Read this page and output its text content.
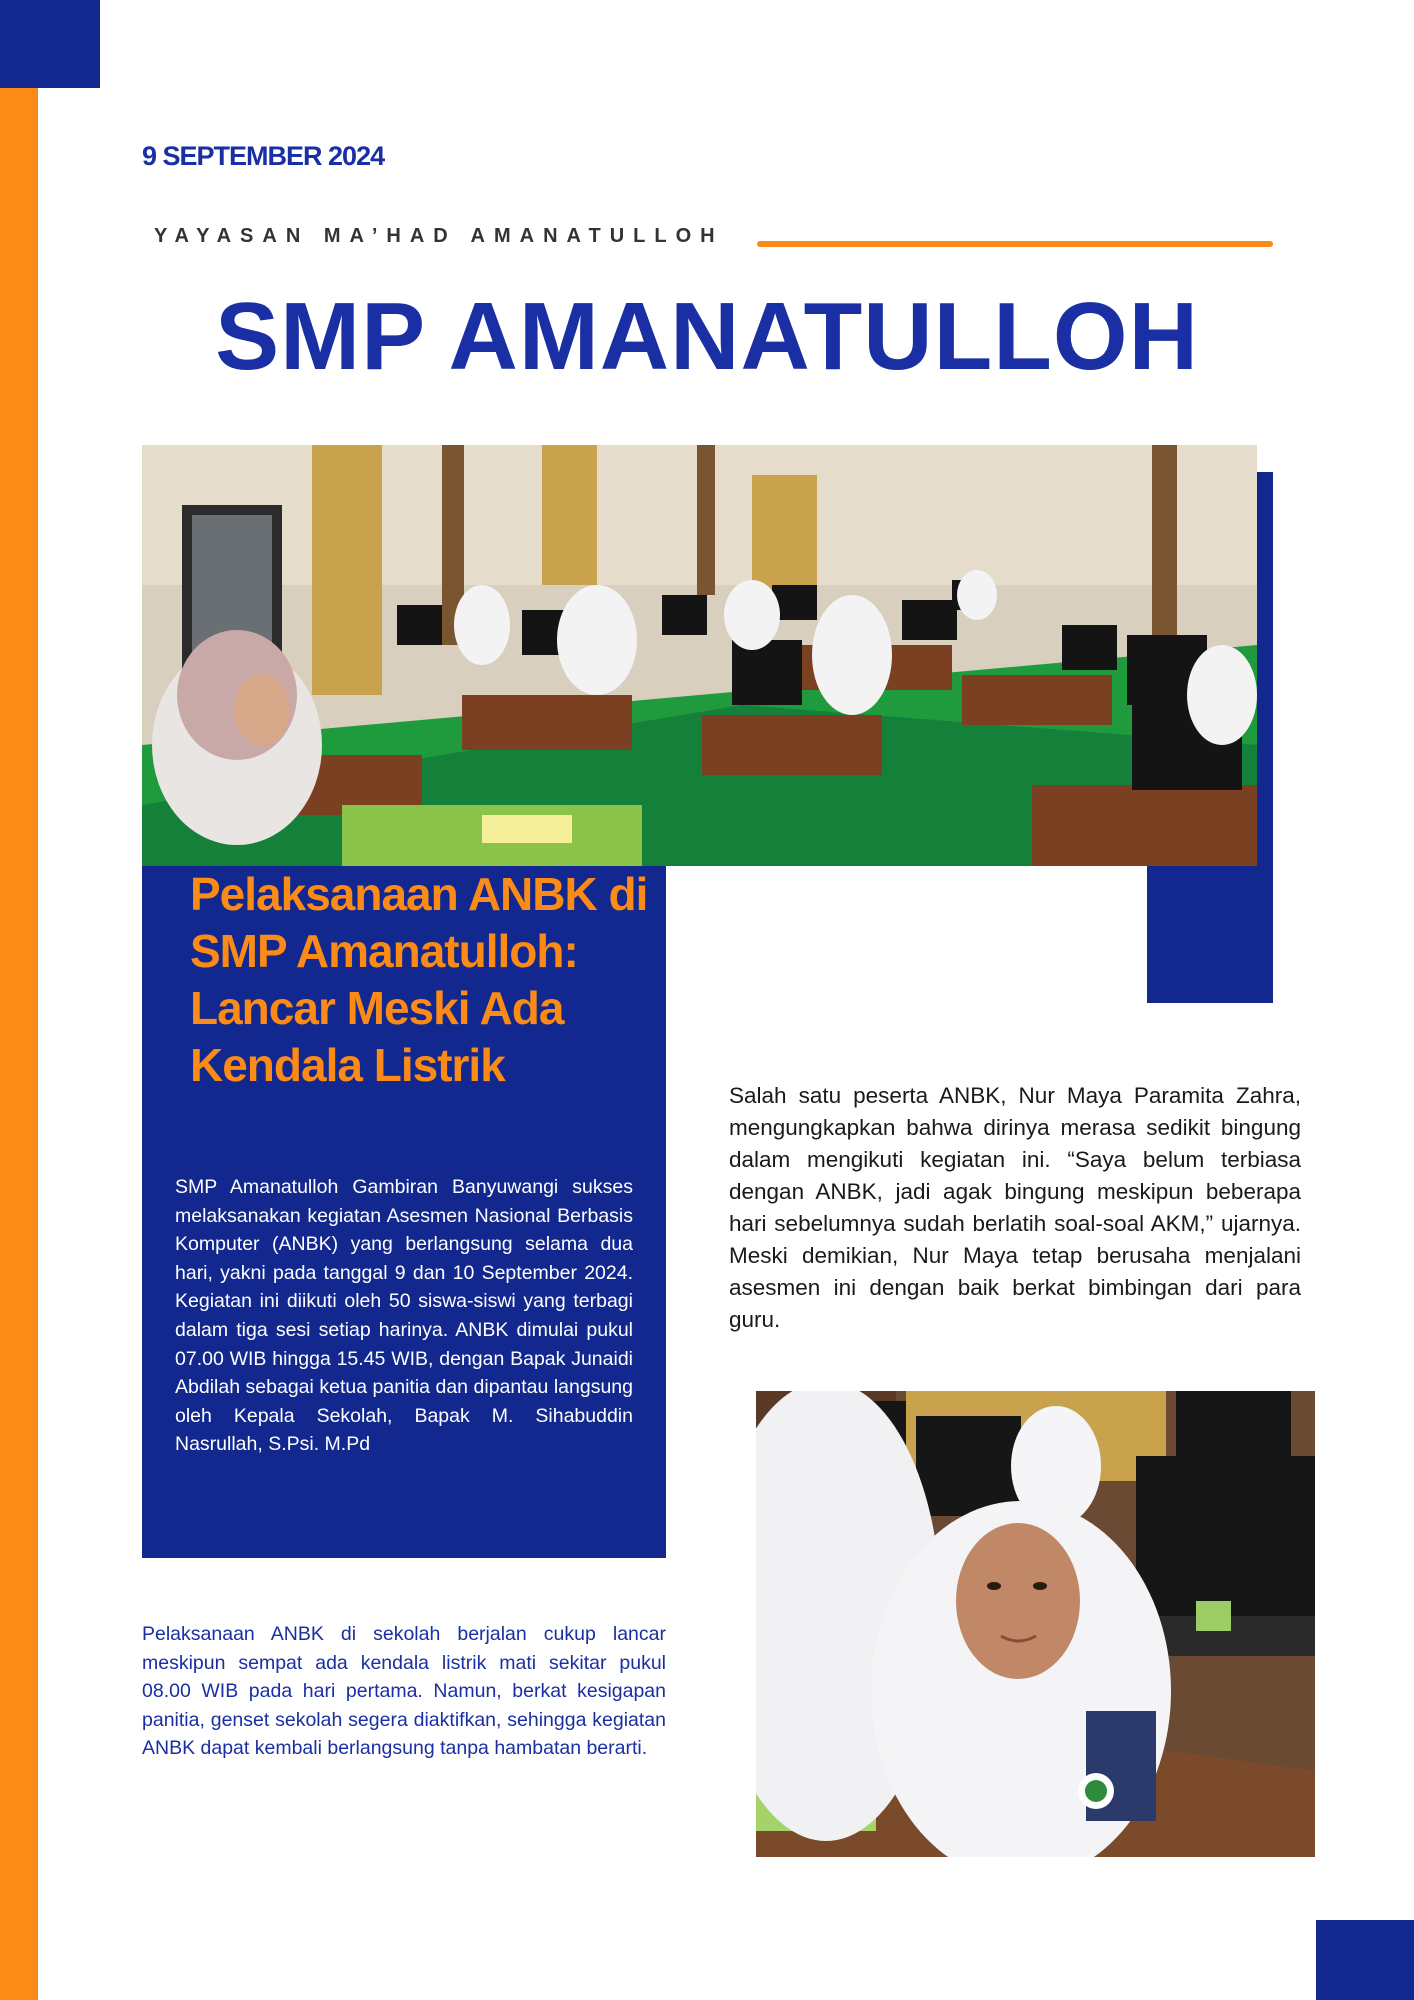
9 SEPTEMBER 2024
YAYASAN MA’HAD AMANATULLOH
SMP AMANATULLOH
Pelaksanaan ANBK di SMP Amanatulloh: Lancar Meski Ada Kendala Listrik
SMP Amanatulloh Gambiran Banyuwangi sukses melaksanakan kegiatan Asesmen Nasional Berbasis Komputer (ANBK) yang berlangsung selama dua hari, yakni pada tanggal 9 dan 10 September 2024. Kegiatan ini diikuti oleh 50 siswa-siswi yang terbagi dalam tiga sesi setiap harinya. ANBK dimulai pukul 07.00 WIB hingga 15.45 WIB, dengan Bapak Junaidi Abdilah sebagai ketua panitia dan dipantau langsung oleh Kepala Sekolah, Bapak M. Sihabuddin Nasrullah, S.Psi. M.Pd
Pelaksanaan ANBK di sekolah berjalan cukup lancar meskipun sempat ada kendala listrik mati sekitar pukul 08.00 WIB pada hari pertama. Namun, berkat kesigapan panitia, genset sekolah segera diaktifkan, sehingga kegiatan ANBK dapat kembali berlangsung tanpa hambatan berarti.
Salah satu peserta ANBK, Nur Maya Paramita Zahra, mengungkapkan bahwa dirinya merasa sedikit bingung dalam mengikuti kegiatan ini. “Saya belum terbiasa dengan ANBK, jadi agak bingung meskipun beberapa hari sebelumnya sudah berlatih soal-soal AKM,” ujarnya. Meski demikian, Nur Maya tetap berusaha menjalani asesmen ini dengan baik berkat bimbingan dari para guru.
